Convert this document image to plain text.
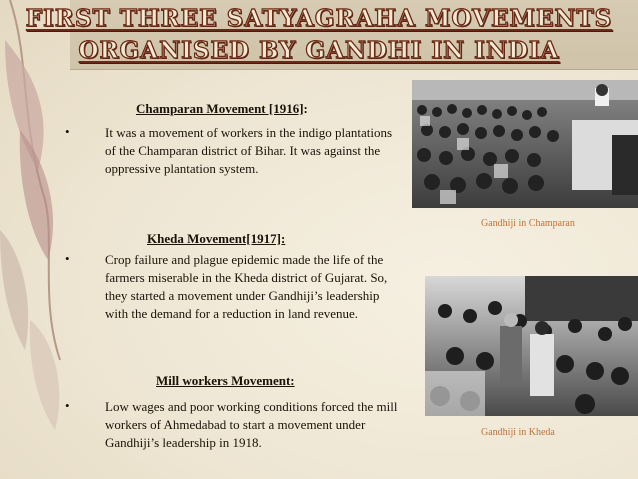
FIRST THREE SATYAGRAHA MOVEMENTS
ORGANISED BY GANDHI IN INDIA
Champaran Movement [1916]:
•	It was a movement of workers in the indigo plantations of the Champaran district of Bihar. It was against the oppressive plantation system.
Kheda Movement[1917]:
•	Crop failure and plague epidemic made the life of the farmers miserable in the Kheda district of Gujarat. So, they started a movement under Gandhiji’s leadership with the demand for a reduction in land revenue.
Mill workers Movement:
•	Low wages and poor working conditions forced the mill workers of Ahmedabad to start a movement under Gandhiji’s leadership in 1918.
Gandhiji in Champaran
Gandhiji in Kheda
